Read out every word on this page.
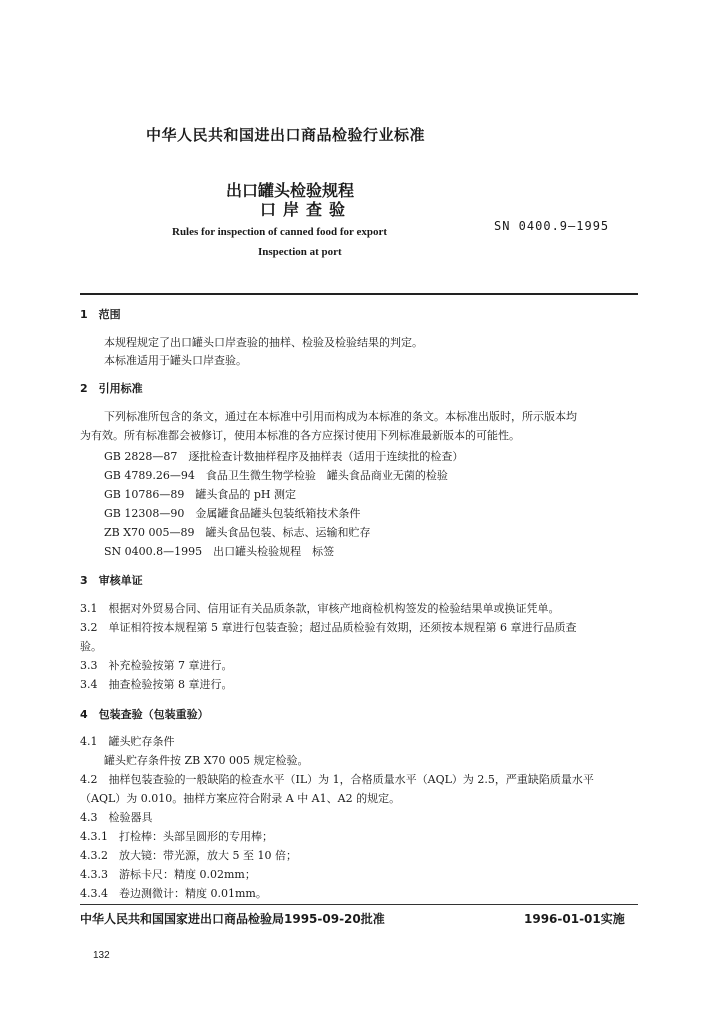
中华人民共和国进出口商品检验行业标准
出口罐头检验规程
口岸查验
Rules for inspection of canned food for export
Inspection at port
SN 0400.9—1995
1　范围
本规程规定了出口罐头口岸查验的抽样、检验及检验结果的判定。
本标准适用于罐头口岸查验。
2　引用标准
下列标准所包含的条文，通过在本标准中引用而构成为本标准的条文。本标准出版时，所示版本均
为有效。所有标准都会被修订，使用本标准的各方应探讨使用下列标准最新版本的可能性。
GB 2828—87　逐批检查计数抽样程序及抽样表（适用于连续批的检查）
GB 4789.26—94　食品卫生微生物学检验　罐头食品商业无菌的检验
GB 10786—89　罐头食品的 pH 测定
GB 12308—90　金属罐食品罐头包装纸箱技术条件
ZB X70 005—89　罐头食品包装、标志、运输和贮存
SN 0400.8—1995　出口罐头检验规程　标签
3　审核单证
3.1　根据对外贸易合同、信用证有关品质条款，审核产地商检机构签发的检验结果单或换证凭单。
3.2　单证相符按本规程第 5 章进行包装查验；超过品质检验有效期，还须按本规程第 6 章进行品质查
验。
3.3　补充检验按第 7 章进行。
3.4　抽查检验按第 8 章进行。
4　包装查验（包装重验）
4.1　罐头贮存条件
罐头贮存条件按 ZB X70 005 规定检验。
4.2　抽样包装查验的一般缺陷的检查水平（IL）为 1，合格质量水平（AQL）为 2.5，严重缺陷质量水平
（AQL）为 0.010。抽样方案应符合附录 A 中 A1、A2 的规定。
4.3　检验器具
4.3.1　打检棒：头部呈圆形的专用棒；
4.3.2　放大镜：带光源，放大 5 至 10 倍；
4.3.3　游标卡尺：精度 0.02mm；
4.3.4　卷边测微计：精度 0.01mm。
中华人民共和国国家进出口商品检验局1995-09-20批准	1996-01-01实施
132
